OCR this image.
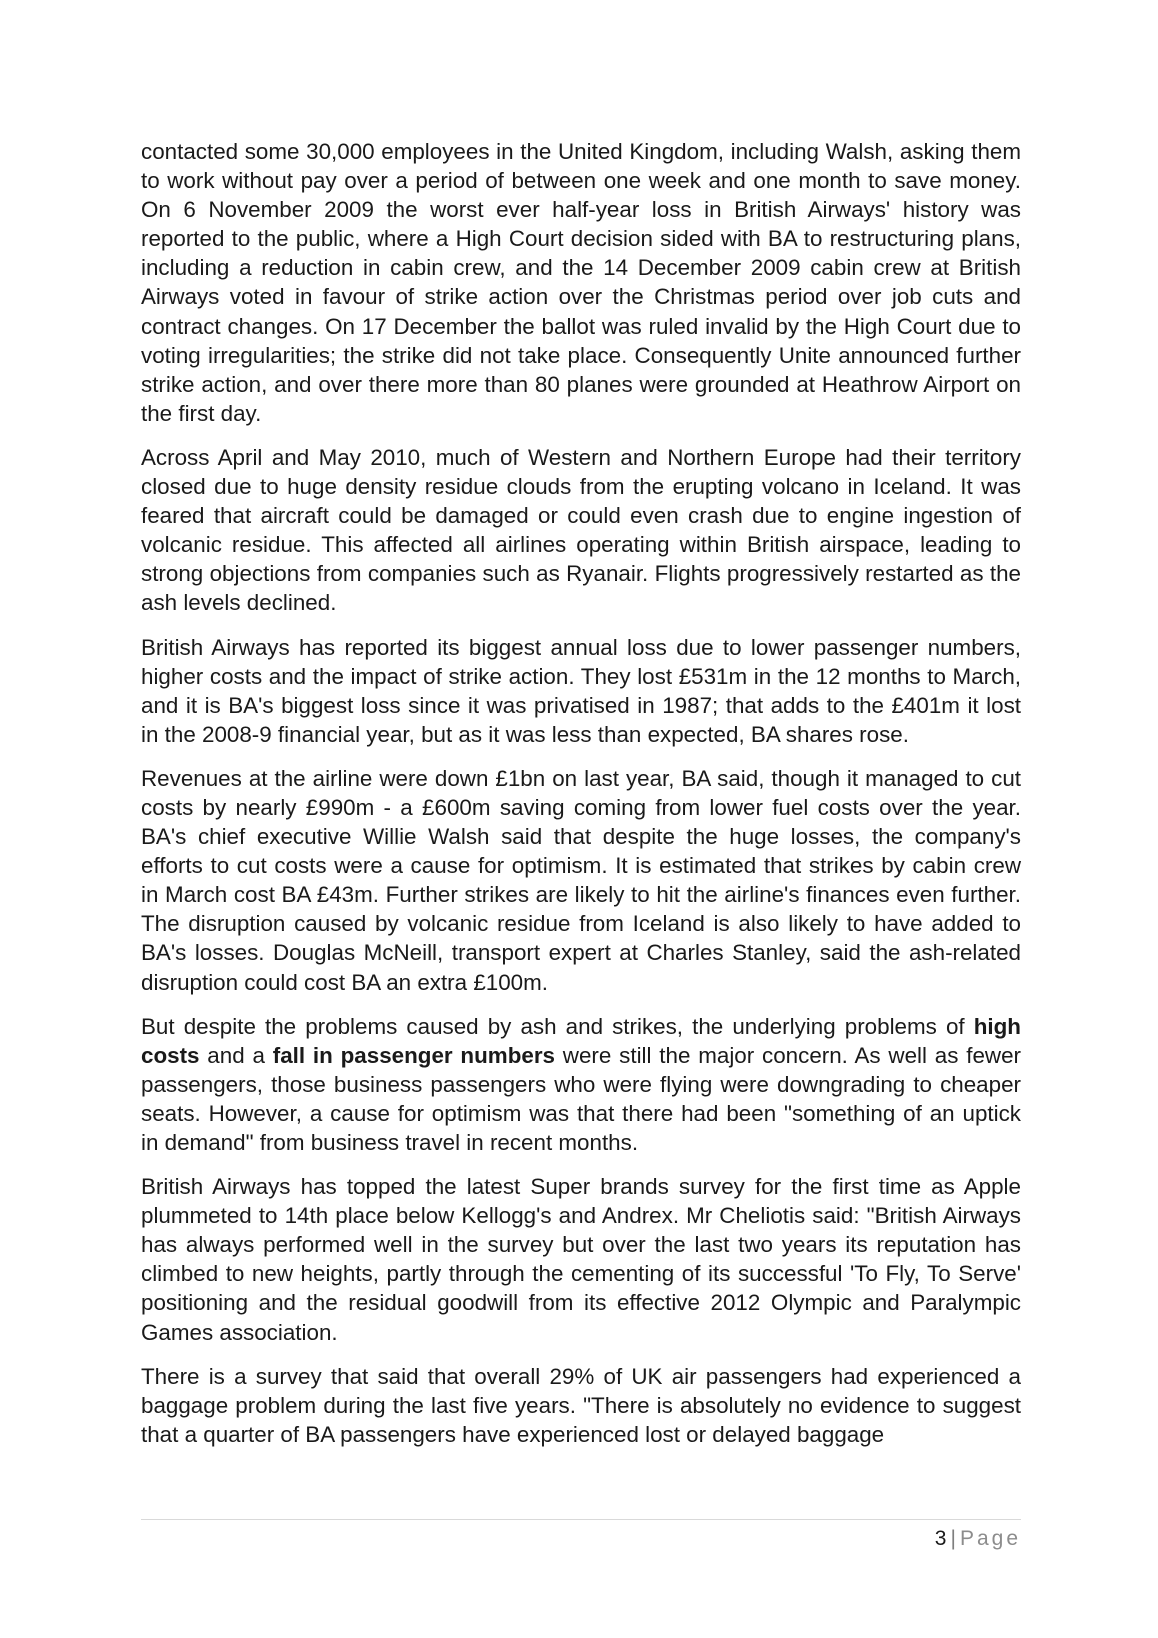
contacted some 30,000 employees in the United Kingdom, including Walsh, asking them to work without pay over a period of between one week and one month to save money. On 6 November 2009 the worst ever half-year loss in British Airways' history was reported to the public, where a High Court decision sided with BA to restructuring plans, including a reduction in cabin crew, and the 14 December 2009 cabin crew at British Airways voted in favour of strike action over the Christmas period over job cuts and contract changes. On 17 December the ballot was ruled invalid by the High Court due to voting irregularities; the strike did not take place. Consequently Unite announced further strike action, and over there more than 80 planes were grounded at Heathrow Airport on the first day.

Across April and May 2010, much of Western and Northern Europe had their territory closed due to huge density residue clouds from the erupting volcano in Iceland. It was feared that aircraft could be damaged or could even crash due to engine ingestion of volcanic residue. This affected all airlines operating within British airspace, leading to strong objections from companies such as Ryanair. Flights progressively restarted as the ash levels declined.

British Airways has reported its biggest annual loss due to lower passenger numbers, higher costs and the impact of strike action. They lost £531m in the 12 months to March, and it is BA's biggest loss since it was privatised in 1987; that adds to the £401m it lost in the 2008-9 financial year, but as it was less than expected, BA shares rose.

Revenues at the airline were down £1bn on last year, BA said, though it managed to cut costs by nearly £990m - a £600m saving coming from lower fuel costs over the year. BA's chief executive Willie Walsh said that despite the huge losses, the company's efforts to cut costs were a cause for optimism. It is estimated that strikes by cabin crew in March cost BA £43m. Further strikes are likely to hit the airline's finances even further. The disruption caused by volcanic residue from Iceland is also likely to have added to BA's losses. Douglas McNeill, transport expert at Charles Stanley, said the ash-related disruption could cost BA an extra £100m.

But despite the problems caused by ash and strikes, the underlying problems of high costs and a fall in passenger numbers were still the major concern. As well as fewer passengers, those business passengers who were flying were downgrading to cheaper seats. However, a cause for optimism was that there had been "something of an uptick in demand" from business travel in recent months.

British Airways has topped the latest Super brands survey for the first time as Apple plummeted to 14th place below Kellogg's and Andrex. Mr Cheliotis said: "British Airways has always performed well in the survey but over the last two years its reputation has climbed to new heights, partly through the cementing of its successful 'To Fly, To Serve' positioning and the residual goodwill from its effective 2012 Olympic and Paralympic Games association.

There is a survey that said that overall 29% of UK air passengers had experienced a baggage problem during the last five years. "There is absolutely no evidence to suggest that a quarter of BA passengers have experienced lost or delayed baggage

3 | Page
